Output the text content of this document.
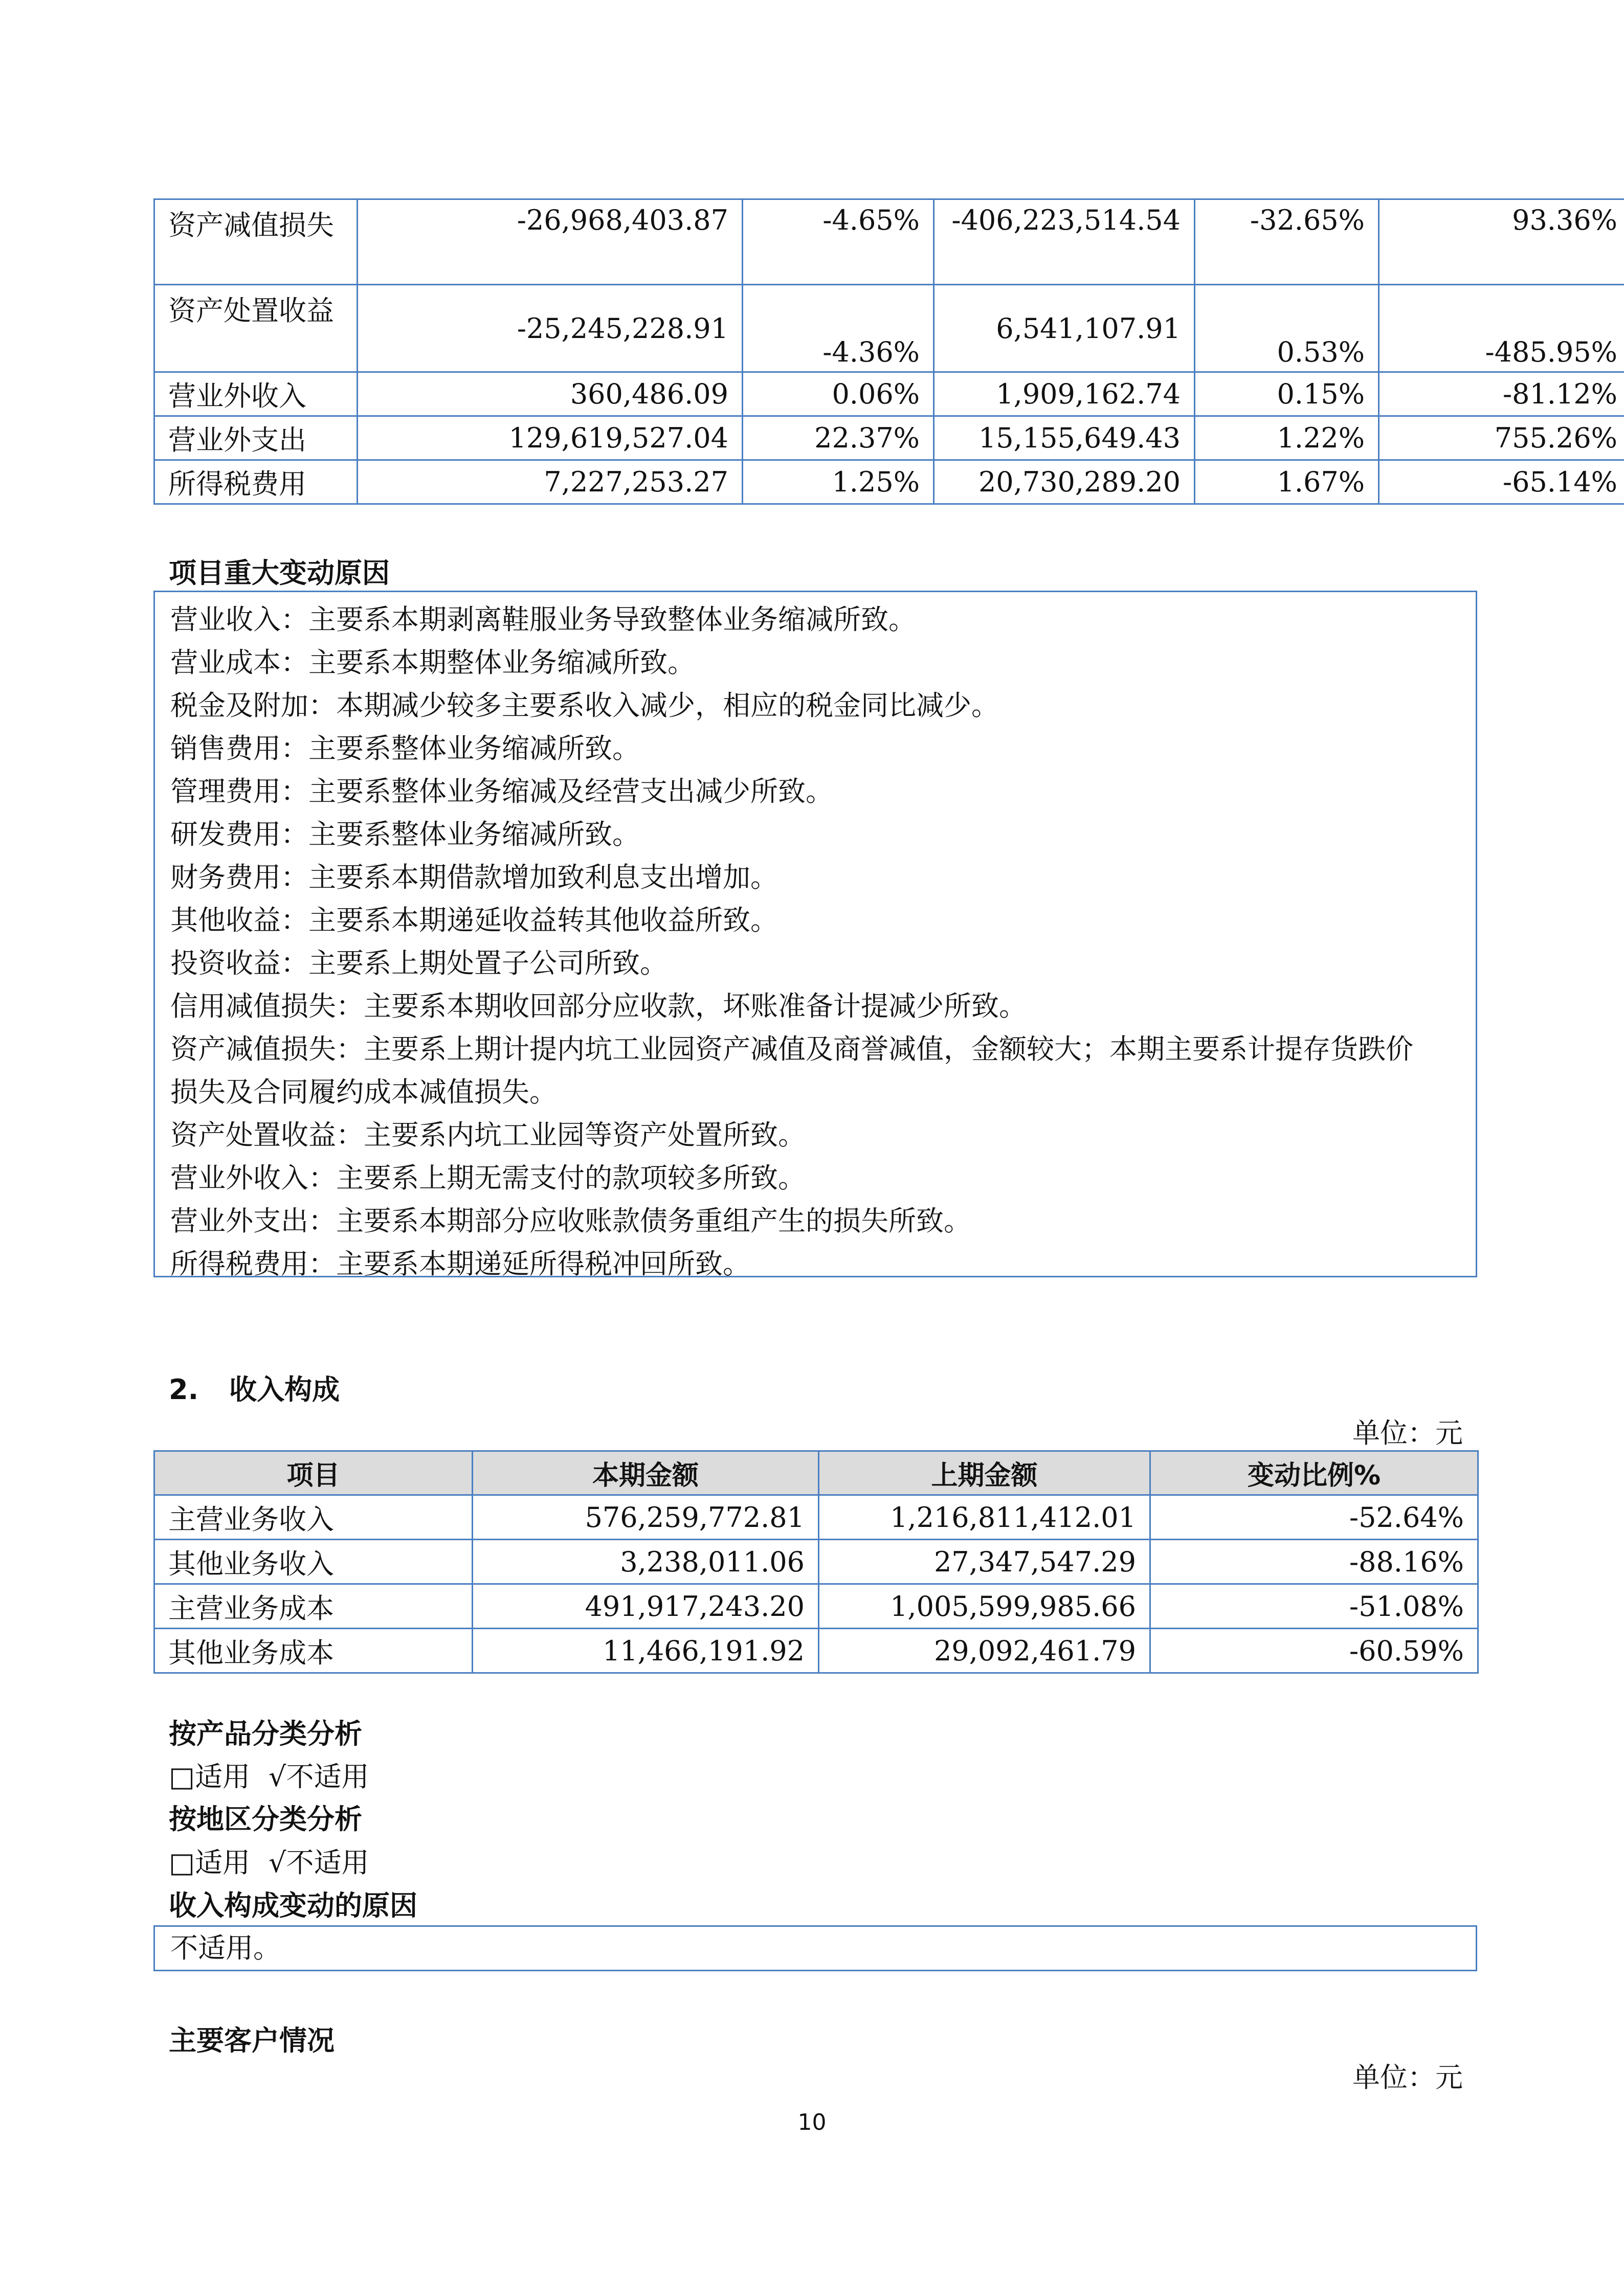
资产减值损失	-26,968,403.87	-4.65%	-406,223,514.54	-32.65%	93.36%
资产处置收益	-25,245,228.91	-4.36%	6,541,107.91	0.53%	-485.95%
营业外收入	360,486.09	0.06%	1,909,162.74	0.15%	-81.12%
营业外支出	129,619,527.04	22.37%	15,155,649.43	1.22%	755.26%
所得税费用	7,227,253.27	1.25%	20,730,289.20	1.67%	-65.14%
项目重大变动原因
营业收入：主要系本期剥离鞋服业务导致整体业务缩减所致。
营业成本：主要系本期整体业务缩减所致。
税金及附加：本期减少较多主要系收入减少，相应的税金同比减少。
销售费用：主要系整体业务缩减所致。
管理费用：主要系整体业务缩减及经营支出减少所致。
研发费用：主要系整体业务缩减所致。
财务费用：主要系本期借款增加致利息支出增加。
其他收益：主要系本期递延收益转其他收益所致。
投资收益：主要系上期处置子公司所致。
信用减值损失：主要系本期收回部分应收款，坏账准备计提减少所致。
资产减值损失：主要系上期计提内坑工业园资产减值及商誉减值，金额较大；本期主要系计提存货跌价
损失及合同履约成本减值损失。
资产处置收益：主要系内坑工业园等资产处置所致。
营业外收入：主要系上期无需支付的款项较多所致。
营业外支出：主要系本期部分应收账款债务重组产生的损失所致。
所得税费用：主要系本期递延所得税冲回所致。
2. 收入构成
单位：元
项目	本期金额	上期金额	变动比例%
主营业务收入	576,259,772.81	1,216,811,412.01	-52.64%
其他业务收入	3,238,011.06	27,347,547.29	-88.16%
主营业务成本	491,917,243.20	1,005,599,985.66	-51.08%
其他业务成本	11,466,191.92	29,092,461.79	-60.59%
按产品分类分析
□适用 √不适用
按地区分类分析
□适用 √不适用
收入构成变动的原因
不适用。
主要客户情况
单位：元
10
